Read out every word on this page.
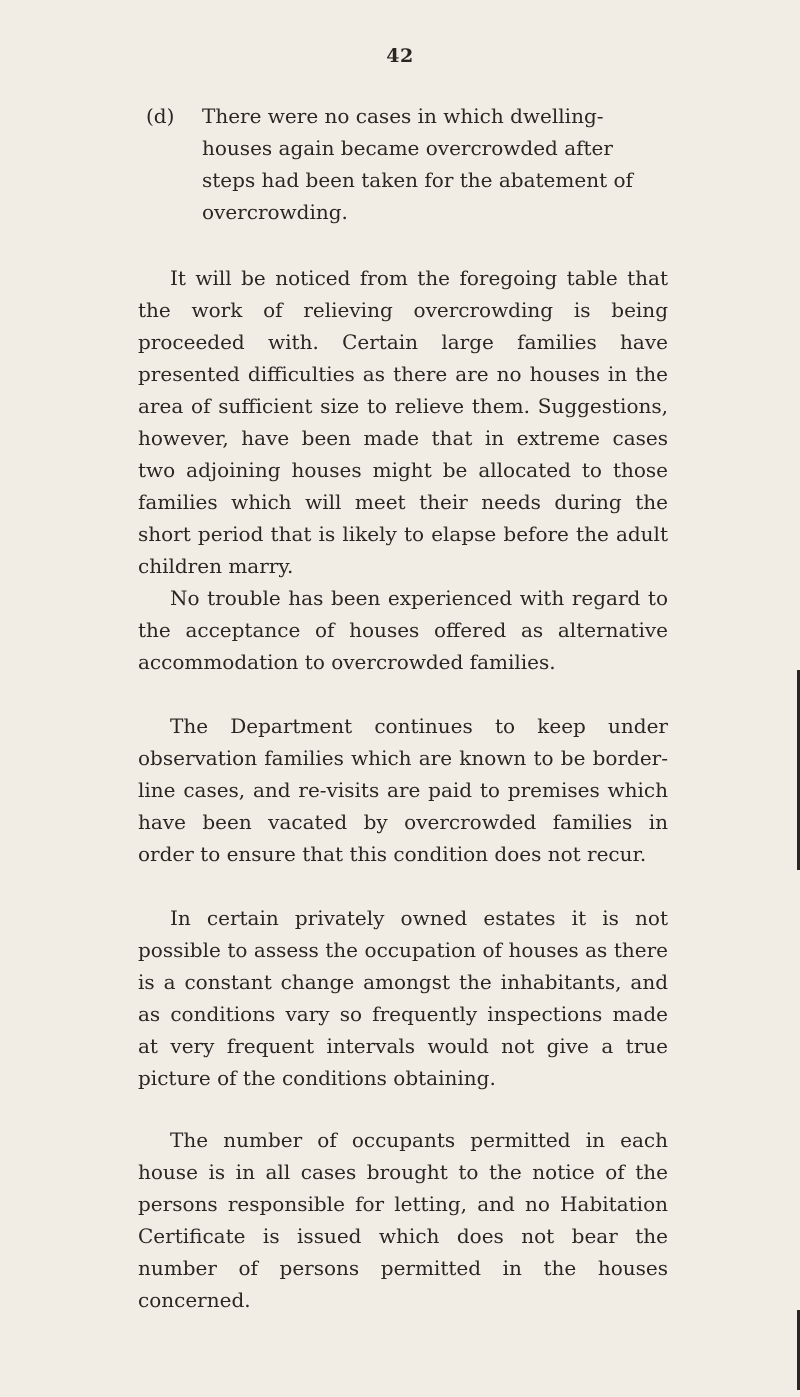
42
(d) There were no cases in which dwelling-houses again became overcrowded after steps had been taken for the abatement of overcrowding.

It will be noticed from the foregoing table that the work of relieving overcrowding is being proceeded with. Certain large families have presented difficulties as there are no houses in the area of sufficient size to relieve them. Suggestions, however, have been made that in extreme cases two adjoining houses might be allocated to those families which will meet their needs during the short period that is likely to elapse before the adult children marry.

No trouble has been experienced with regard to the acceptance of houses offered as alternative accommodation to overcrowded families.

The Department continues to keep under observation families which are known to be border-line cases, and re-visits are paid to premises which have been vacated by overcrowded families in order to ensure that this condition does not recur.

In certain privately owned estates it is not possible to assess the occupation of houses as there is a constant change amongst the inhabitants, and as conditions vary so frequently inspections made at very frequent intervals would not give a true picture of the conditions obtaining.

The number of occupants permitted in each house is in all cases brought to the notice of the persons responsible for letting, and no Habitation Certificate is issued which does not bear the number of persons permitted in the houses concerned.
